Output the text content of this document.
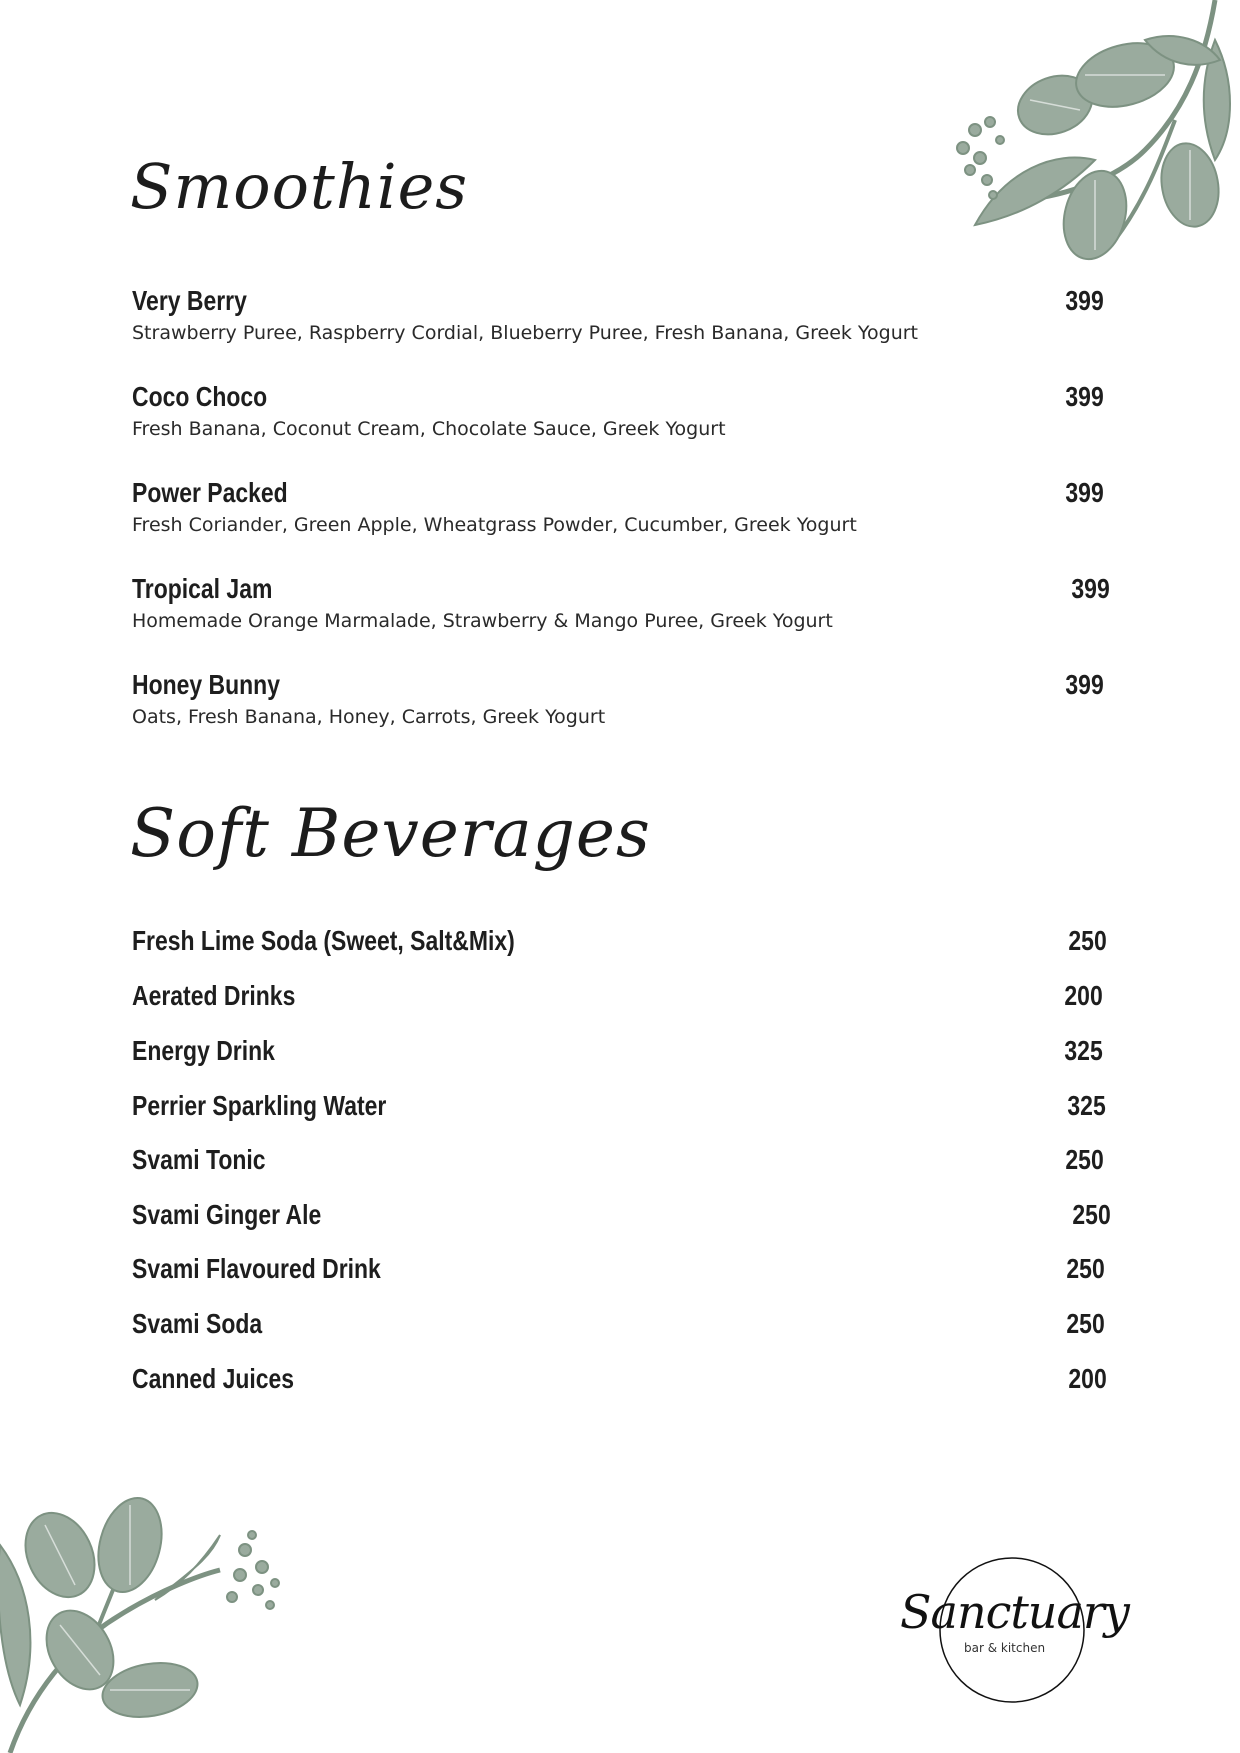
Smoothies
Very Berry	399
Strawberry Puree, Raspberry Cordial, Blueberry Puree, Fresh Banana, Greek Yogurt
Coco Choco	399
Fresh Banana, Coconut Cream, Chocolate Sauce, Greek Yogurt
Power Packed	399
Fresh Coriander, Green Apple, Wheatgrass Powder, Cucumber, Greek Yogurt
Tropical Jam	399
Homemade Orange Marmalade, Strawberry & Mango Puree, Greek Yogurt
Honey Bunny	399
Oats, Fresh Banana, Honey, Carrots, Greek Yogurt
Soft Beverages
Fresh Lime Soda (Sweet, Salt&Mix)	250
Aerated Drinks	200
Energy Drink	325
Perrier Sparkling Water	325
Svami Tonic	250
Svami Ginger Ale	250
Svami Flavoured Drink	250
Svami Soda	250
Canned Juices	200
Sanctuary
bar & kitchen
